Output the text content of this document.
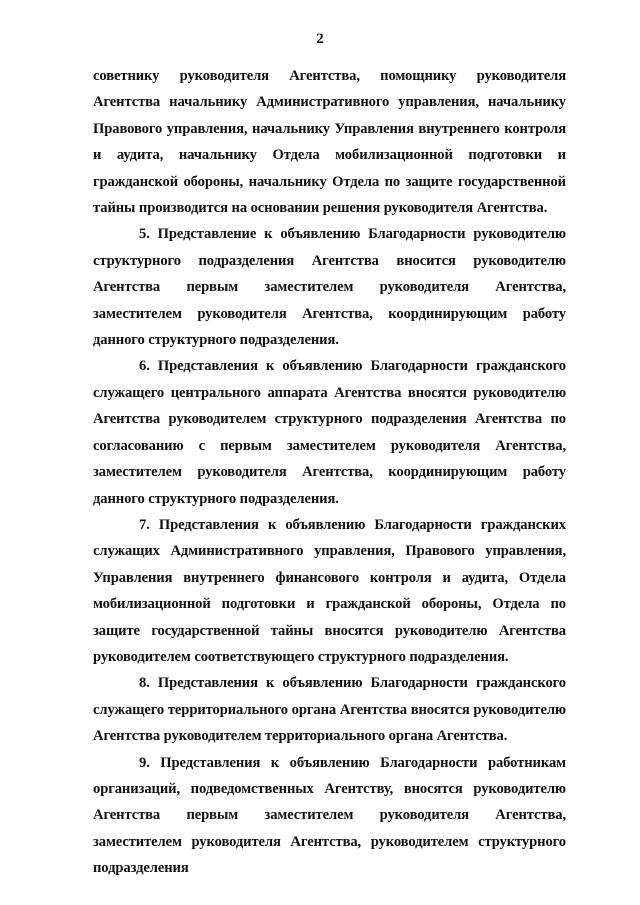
2

советнику руководителя Агентства, помощнику руководителя Агентства начальнику Административного управления, начальнику Правового управления, начальнику Управления внутреннего контроля и аудита, начальнику Отдела мобилизационной подготовки и гражданской обороны, начальнику Отдела по защите государственной тайны производится на основании решения руководителя Агентства.

5. Представление к объявлению Благодарности руководителю структурного подразделения Агентства вносится руководителю Агентства первым заместителем руководителя Агентства, заместителем руководителя Агентства, координирующим работу данного структурного подразделения.

6. Представления к объявлению Благодарности гражданского служащего центрального аппарата Агентства вносятся руководителю Агентства руководителем структурного подразделения Агентства по согласованию с первым заместителем руководителя Агентства, заместителем руководителя Агентства, координирующим работу данного структурного подразделения.

7. Представления к объявлению Благодарности гражданских служащих Административного управления, Правового управления, Управления внутреннего финансового контроля и аудита, Отдела мобилизационной подготовки и гражданской обороны, Отдела по защите государственной тайны вносятся руководителю Агентства руководителем соответствующего структурного подразделения.

8. Представления к объявлению Благодарности гражданского служащего территориального органа Агентства вносятся руководителю Агентства руководителем территориального органа Агентства.

9. Представления к объявлению Благодарности работникам организаций, подведомственных Агентству, вносятся руководителю Агентства первым заместителем руководителя Агентства, заместителем руководителя Агентства, руководителем структурного подразделения
